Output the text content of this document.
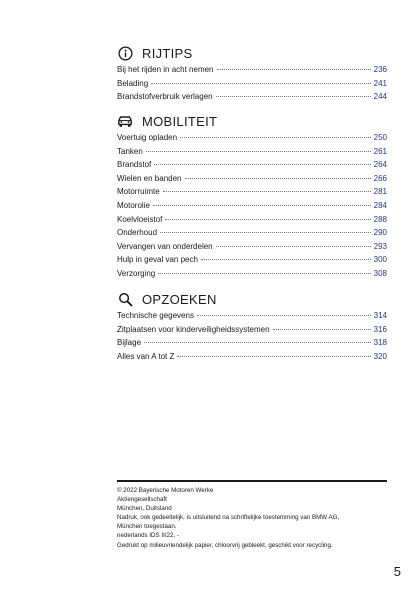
RIJTIPS
Bij het rijden in acht nemen	236
Belading	241
Brandstofverbruik verlagen	244
MOBILITEIT
Voertuig opladen	250
Tanken	261
Brandstof	264
Wielen en banden	266
Motorruimte	281
Motorolie	284
Koelvloeistof	288
Onderhoud	290
Vervangen van onderdelen	293
Hulp in geval van pech	300
Verzorging	308
OPZOEKEN
Technische gegevens	314
Zitplaatsen voor kinderveiligheidssystemen	316
Bijlage	318
Alles van A tot Z	320
© 2022 Bayerische Motoren Werke
Aktiengesellschaft
München, Duitsland
Nadruk, ook gedeeltelijk, is uitsluitend na schriftelijke toestemming van BMW AG,
München toegestaan.
nederlands IDS II/22, -
Gedrukt op milieuvriendelijk papier, chloorvrij gebleekt, geschikt voor recycling.
5
